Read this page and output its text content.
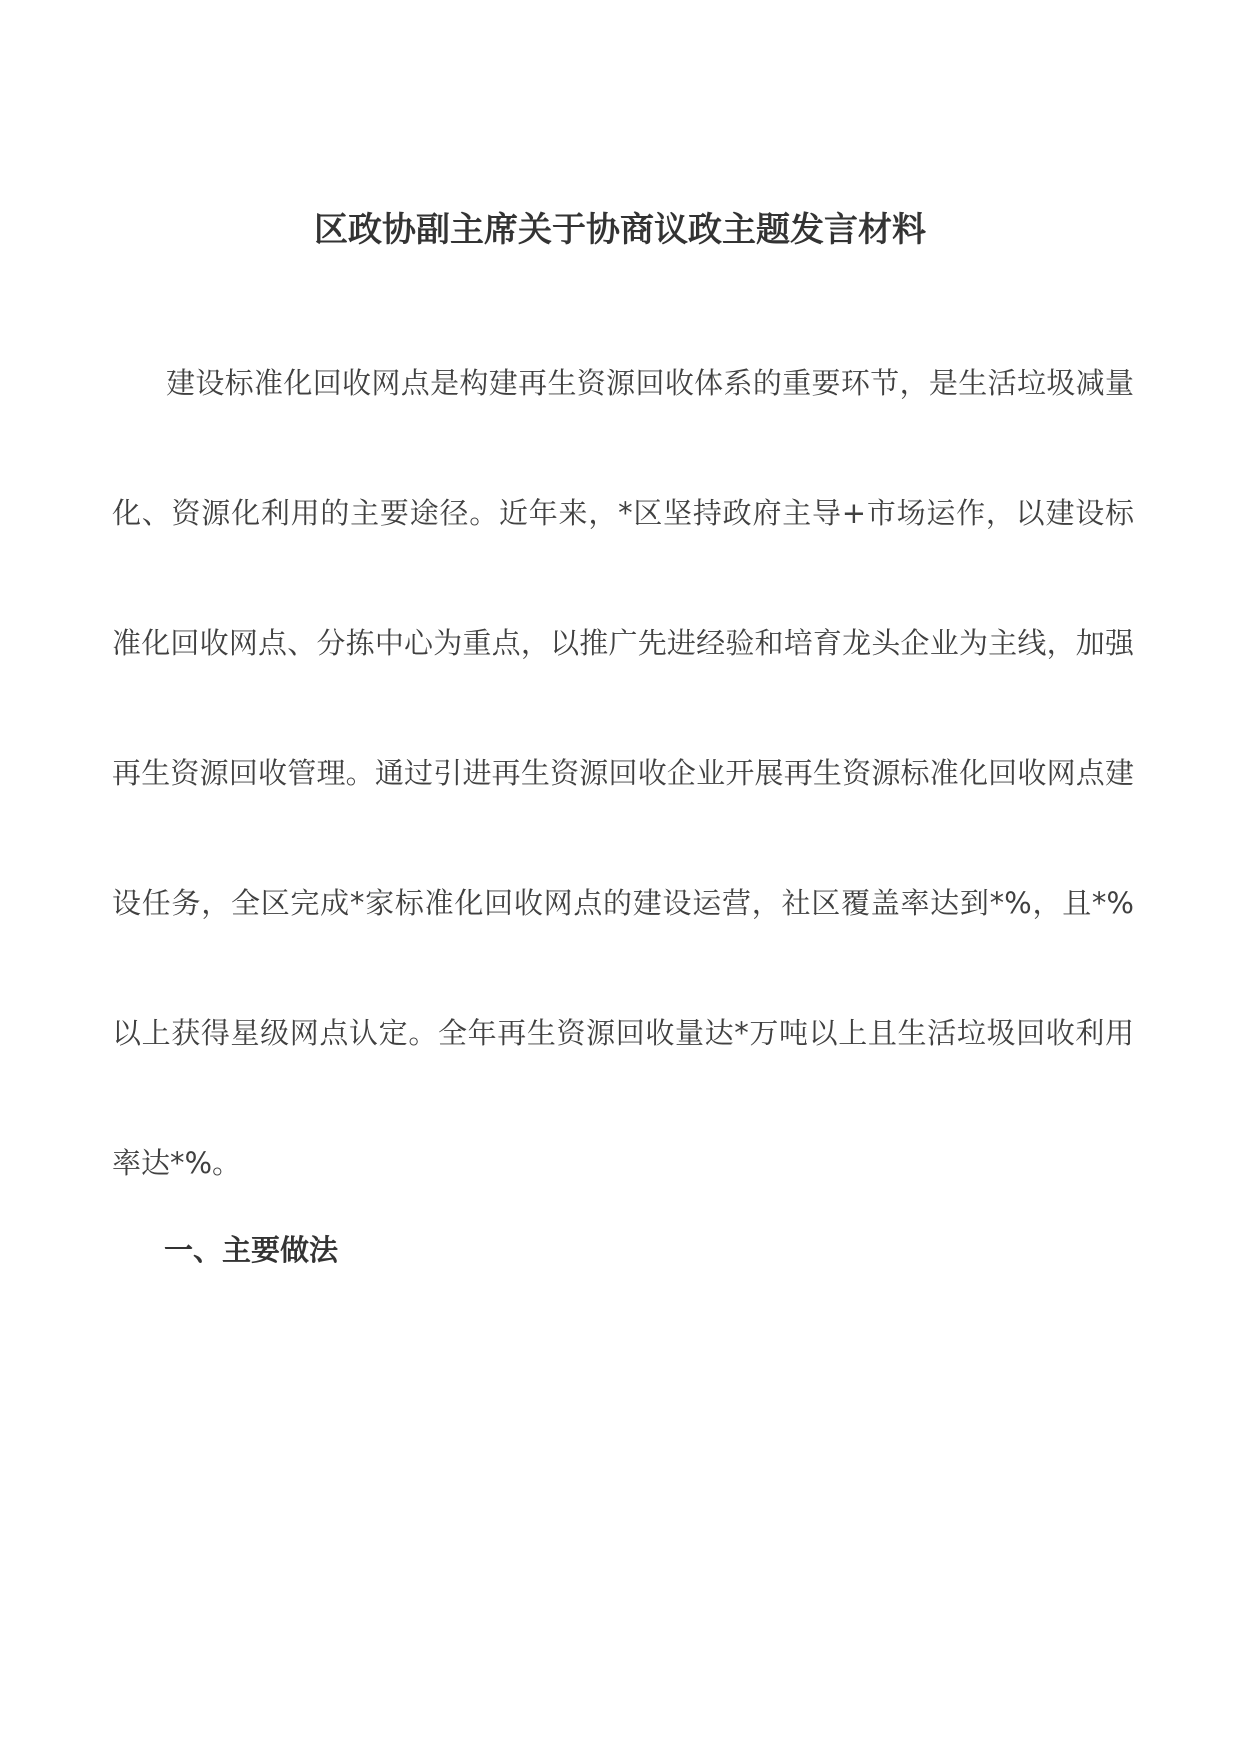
区政协副主席关于协商议政主题发言材料

建设标准化回收网点是构建再生资源回收体系的重要环节，是生活垃圾减量化、资源化利用的主要途径。近年来，*区坚持政府主导+市场运作，以建设标准化回收网点、分拣中心为重点，以推广先进经验和培育龙头企业为主线，加强再生资源回收管理。通过引进再生资源回收企业开展再生资源标准化回收网点建设任务，全区完成*家标准化回收网点的建设运营，社区覆盖率达到*%，且*%以上获得星级网点认定。全年再生资源回收量达*万吨以上且生活垃圾回收利用率达*%。

一、主要做法
